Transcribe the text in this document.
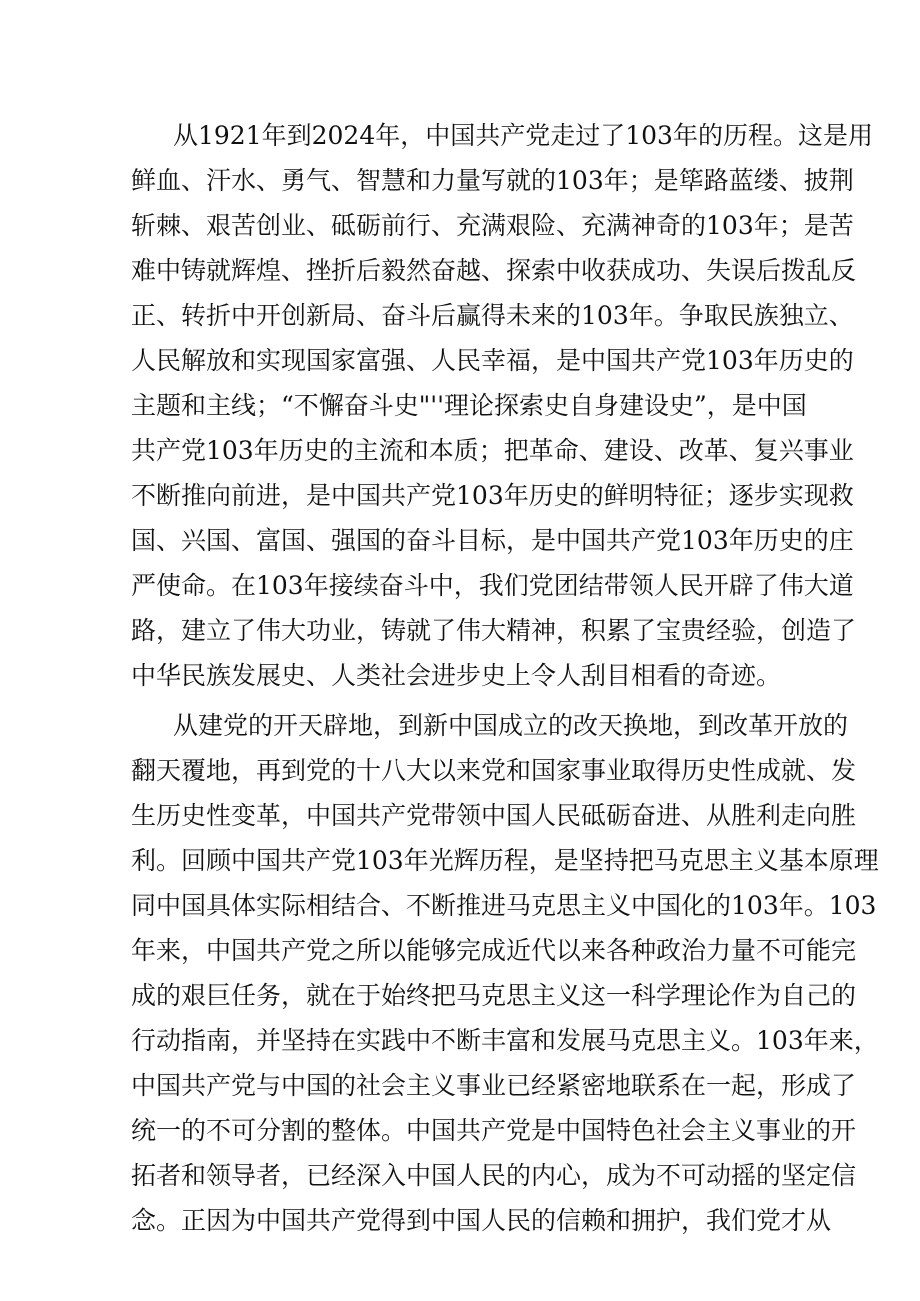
从1921年到2024年，中国共产党走过了103年的历程。这是用
鲜血、汗水、勇气、智慧和力量写就的103年；是筚路蓝缕、披荆
斩棘、艰苦创业、砥砺前行、充满艰险、充满神奇的103年；是苦
难中铸就辉煌、挫折后毅然奋越、探索中收获成功、失误后拨乱反
正、转折中开创新局、奋斗后赢得未来的103年。争取民族独立、
人民解放和实现国家富强、人民幸福，是中国共产党103年历史的
主题和主线；“不懈奋斗史"''理论探索史自身建设史”，是中国
共产党103年历史的主流和本质；把革命、建设、改革、复兴事业
不断推向前进，是中国共产党103年历史的鲜明特征；逐步实现救
国、兴国、富国、强国的奋斗目标，是中国共产党103年历史的庄
严使命。在103年接续奋斗中，我们党团结带领人民开辟了伟大道
路，建立了伟大功业，铸就了伟大精神，积累了宝贵经验，创造了
中华民族发展史、人类社会进步史上令人刮目相看的奇迹。
从建党的开天辟地，到新中国成立的改天换地，到改革开放的
翻天覆地，再到党的十八大以来党和国家事业取得历史性成就、发
生历史性变革，中国共产党带领中国人民砥砺奋进、从胜利走向胜
利。回顾中国共产党103年光辉历程，是坚持把马克思主义基本原理
同中国具体实际相结合、不断推进马克思主义中国化的103年。103
年来，中国共产党之所以能够完成近代以来各种政治力量不可能完
成的艰巨任务，就在于始终把马克思主义这一科学理论作为自己的
行动指南，并坚持在实践中不断丰富和发展马克思主义。103年来，
中国共产党与中国的社会主义事业已经紧密地联系在一起，形成了
统一的不可分割的整体。中国共产党是中国特色社会主义事业的开
拓者和领导者，已经深入中国人民的内心，成为不可动摇的坚定信
念。正因为中国共产党得到中国人民的信赖和拥护，我们党才从
